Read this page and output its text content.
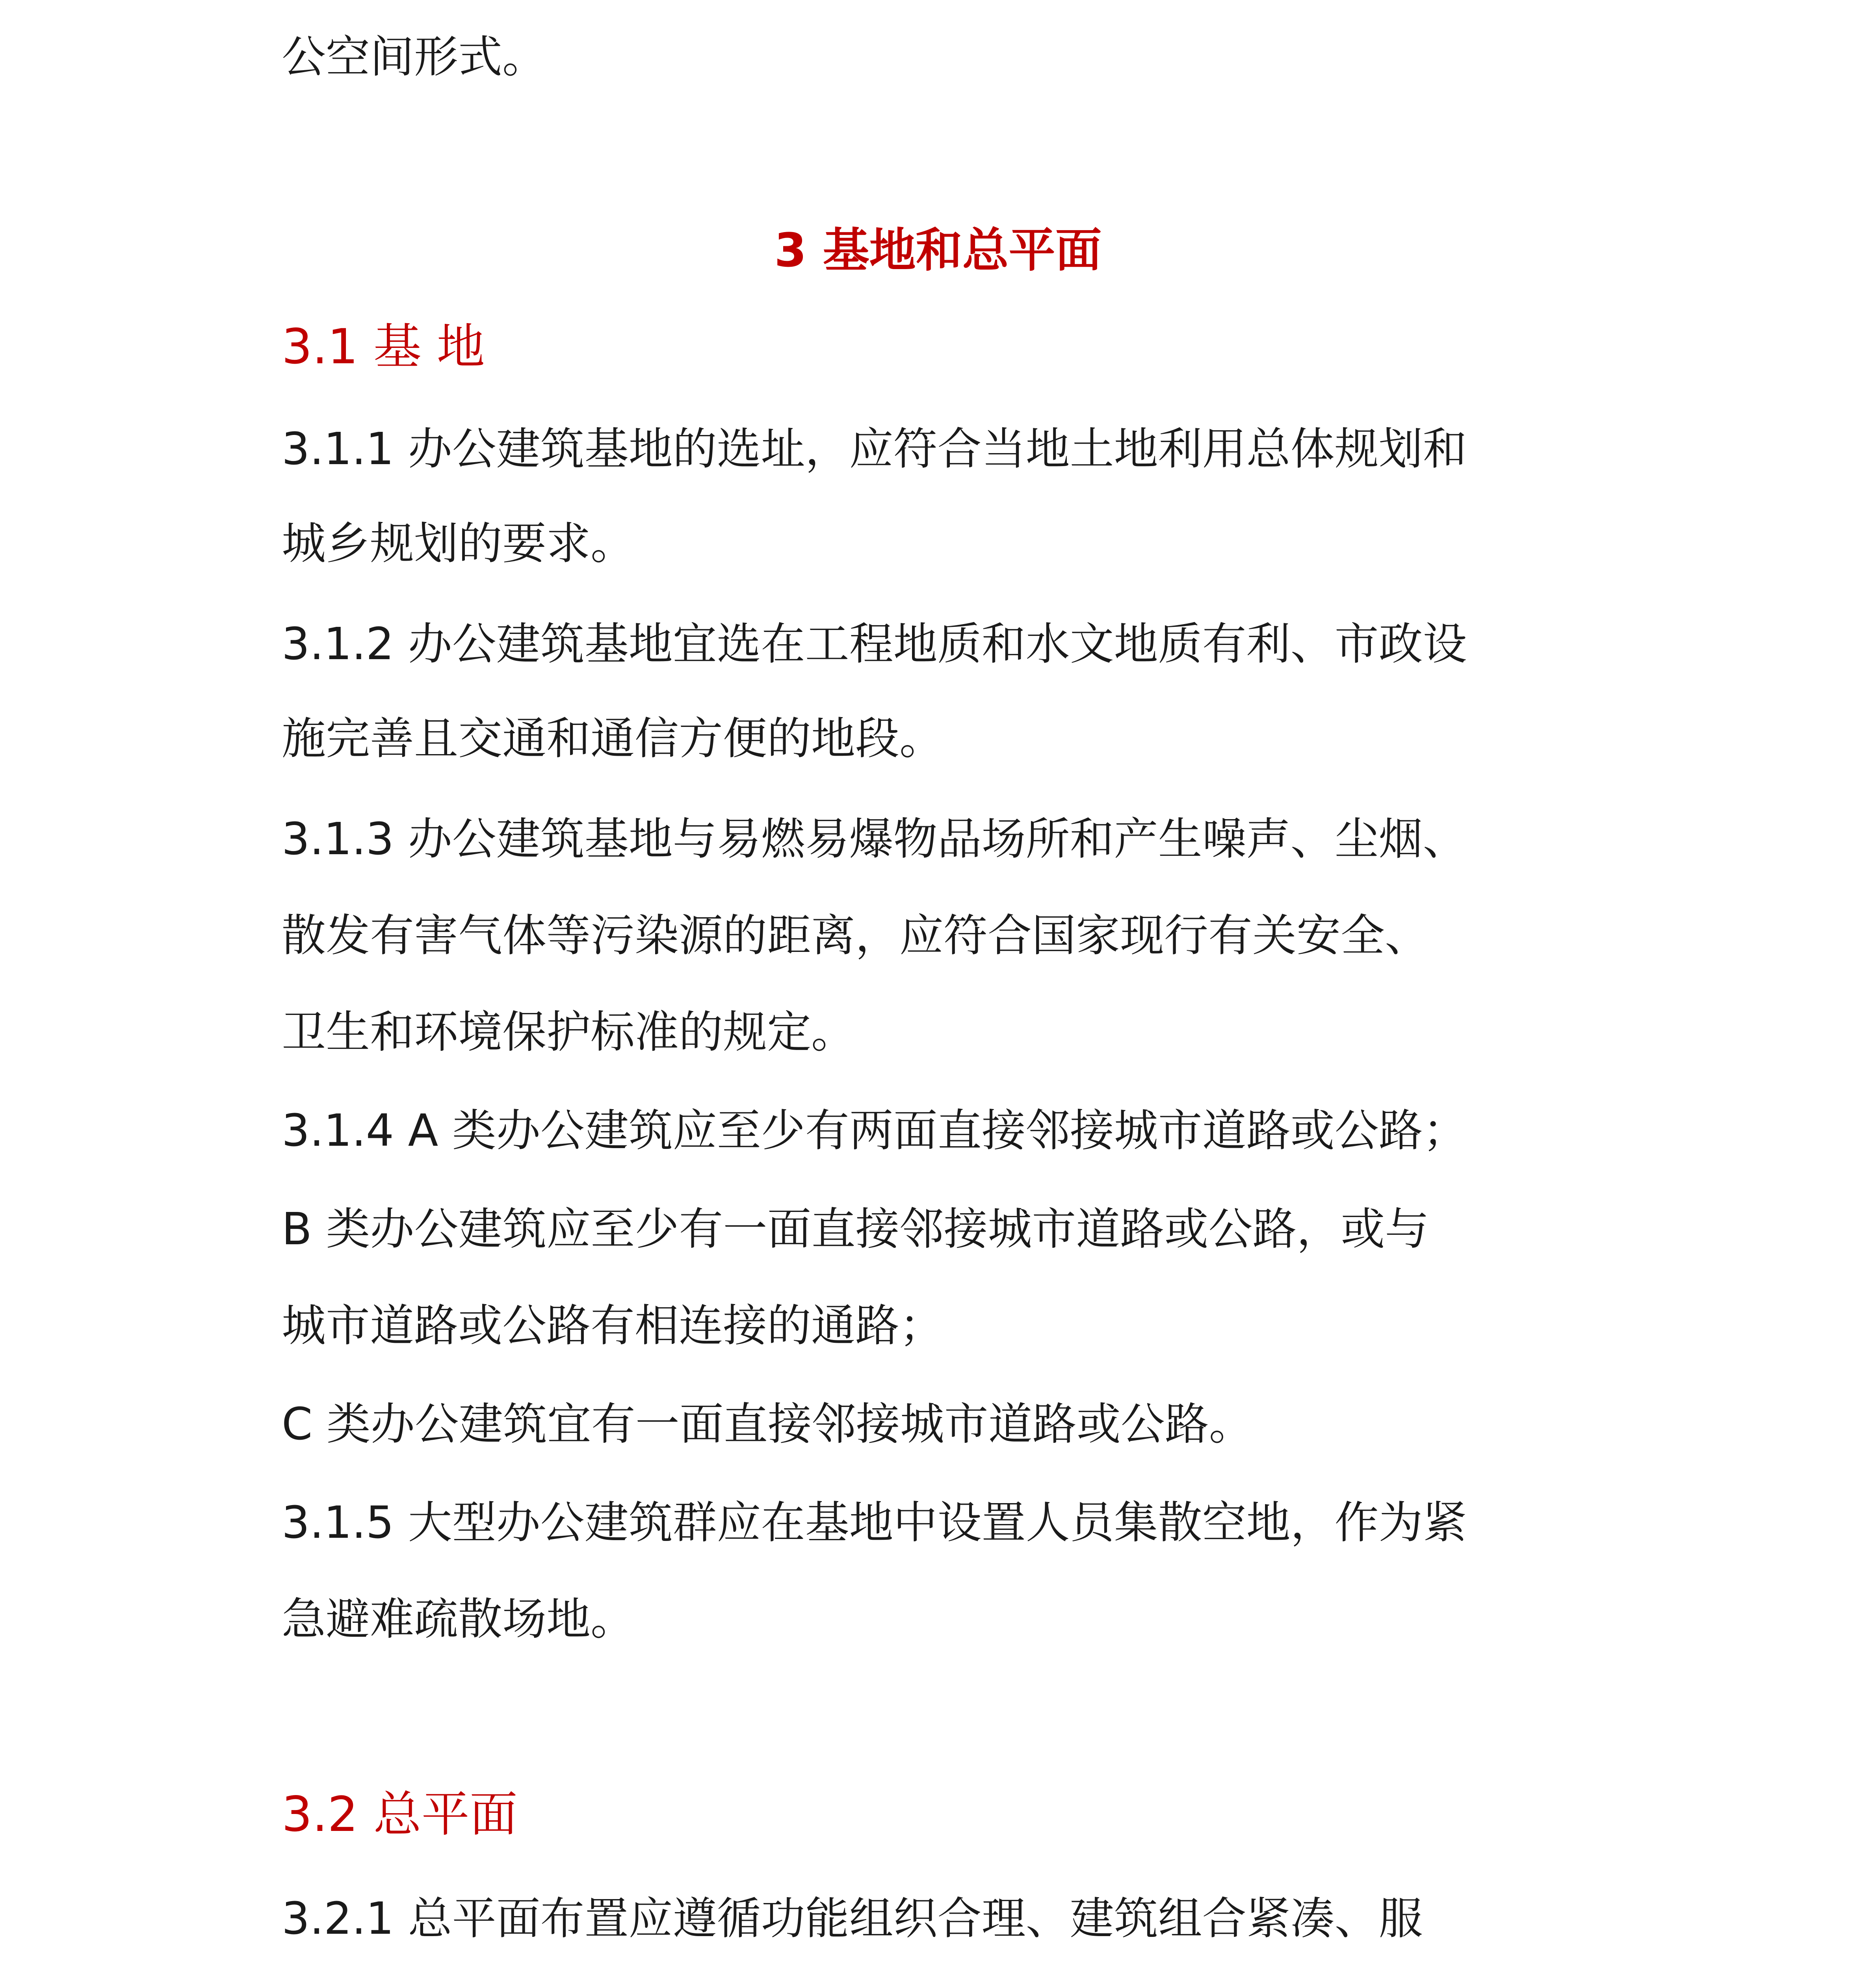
公空间形式。
3 基地和总平面
3.1 基 地
3.1.1 办公建筑基地的选址，应符合当地土地利用总体规划和
城乡规划的要求。
3.1.2 办公建筑基地宜选在工程地质和水文地质有利、市政设
施完善且交通和通信方便的地段。
3.1.3 办公建筑基地与易燃易爆物品场所和产生噪声、尘烟、
散发有害气体等污染源的距离，应符合国家现行有关安全、
卫生和环境保护标准的规定。
3.1.4 A 类办公建筑应至少有两面直接邻接城市道路或公路；
B 类办公建筑应至少有一面直接邻接城市道路或公路，或与
城市道路或公路有相连接的通路；
C 类办公建筑宜有一面直接邻接城市道路或公路。
3.1.5 大型办公建筑群应在基地中设置人员集散空地，作为紧
急避难疏散场地。
3.2 总平面
3.2.1 总平面布置应遵循功能组织合理、建筑组合紧凑、服
